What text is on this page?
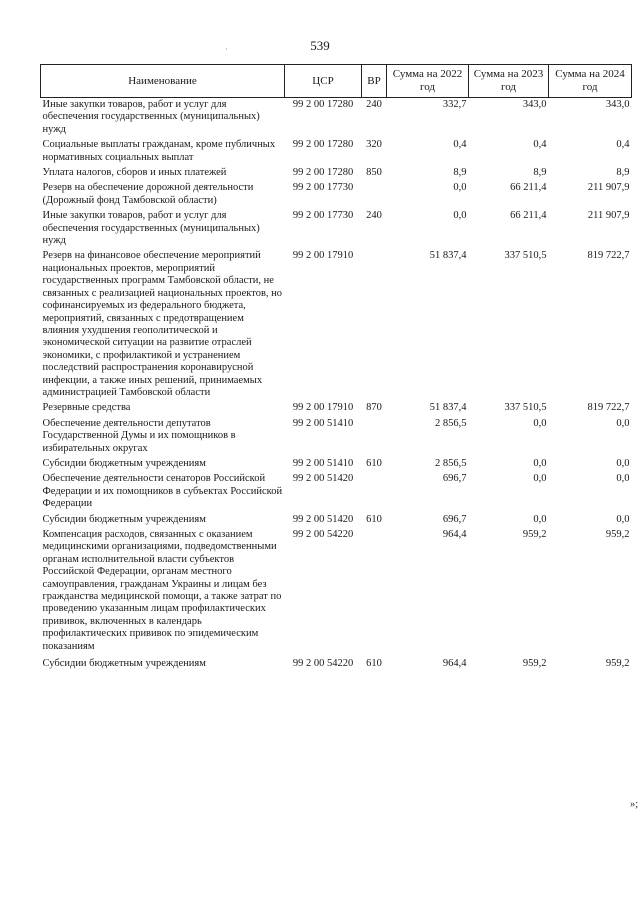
539
·
Наименование	ЦСР	ВР	Сумма на 2022 год	Сумма на 2023 год	Сумма на 2024 год
Иные закупки товаров, работ и услуг для обеспечения государственных (муниципальных) нужд	99 2 00 17280	240	332,7	343,0	343,0
Социальные выплаты гражданам, кроме публичных нормативных социальных выплат	99 2 00 17280	320	0,4	0,4	0,4
Уплата налогов, сборов и иных платежей	99 2 00 17280	850	8,9	8,9	8,9
Резерв на обеспечение дорожной деятельности (Дорожный фонд Тамбовской области)	99 2 00 17730		0,0	66 211,4	211 907,9
Иные закупки товаров, работ и услуг для обеспечения государственных (муниципальных) нужд	99 2 00 17730	240	0,0	66 211,4	211 907,9
Резерв на финансовое обеспечение мероприятий национальных проектов, мероприятий государственных программ Тамбовской области, не связанных с реализацией национальных проектов, но софинансируемых из федерального бюджета, мероприятий, связанных с предотвращением влияния ухудшения геополитической и экономической ситуации на развитие отраслей экономики, с профилактикой и устранением последствий распространения коронавирусной инфекции, а также иных решений, принимаемых администрацией Тамбовской области	99 2 00 17910		51 837,4	337 510,5	819 722,7
Резервные средства	99 2 00 17910	870	51 837,4	337 510,5	819 722,7
Обеспечение деятельности депутатов Государственной Думы и их помощников в избирательных округах	99 2 00 51410		2 856,5	0,0	0,0
Субсидии бюджетным учреждениям	99 2 00 51410	610	2 856,5	0,0	0,0
Обеспечение деятельности сенаторов Российской Федерации и их помощников в субъектах Российской Федерации	99 2 00 51420		696,7	0,0	0,0
Субсидии бюджетным учреждениям	99 2 00 51420	610	696,7	0,0	0,0
Компенсация расходов, связанных с оказанием медицинскими организациями, подведомственными органам исполнительной власти субъектов Российской Федерации, органам местного самоуправления, гражданам Украины и лицам без гражданства медицинской помощи, а также затрат по проведению указанным лицам профилактических прививок, включенных в календарь профилактических прививок по эпидемическим показаниям	99 2 00 54220		964,4	959,2	959,2
Субсидии бюджетным учреждениям	99 2 00 54220	610	964,4	959,2	959,2
»;
